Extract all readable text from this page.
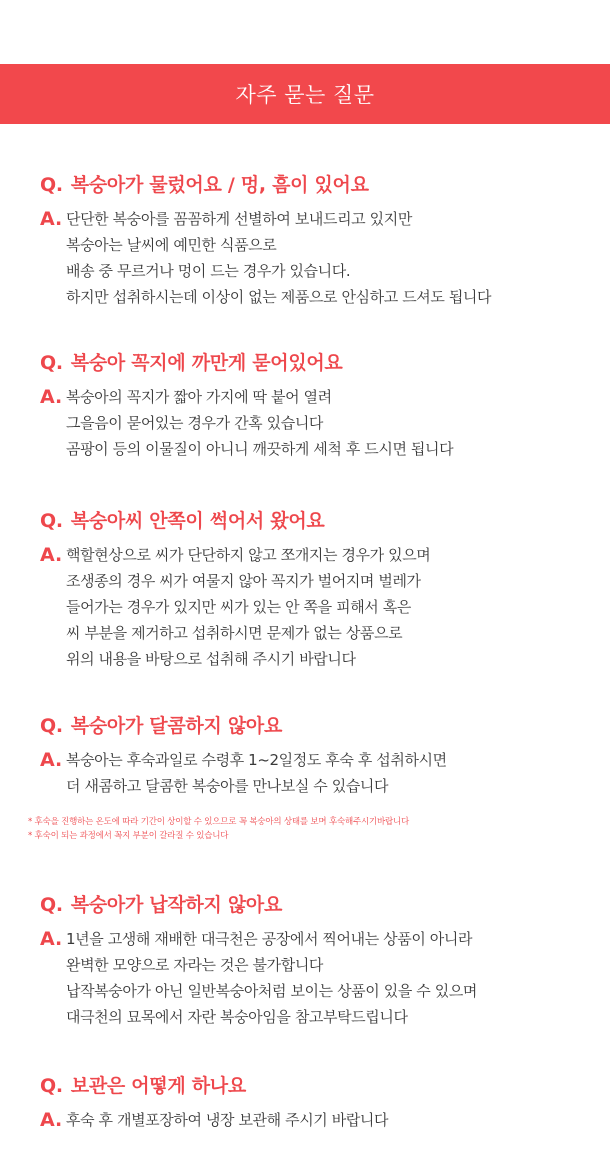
자주 묻는 질문
Q. 복숭아가 물렀어요 / 멍, 흠이 있어요
A. 단단한 복숭아를 꼼꼼하게 선별하여 보내드리고 있지만
복숭아는 날씨에 예민한 식품으로
배송 중 무르거나 멍이 드는 경우가 있습니다.
하지만 섭취하시는데 이상이 없는 제품으로 안심하고 드셔도 됩니다
Q. 복숭아 꼭지에 까만게 묻어있어요
A. 복숭아의 꼭지가 짧아 가지에 딱 붙어 열려
그을음이 묻어있는 경우가 간혹 있습니다
곰팡이 등의 이물질이 아니니 깨끗하게 세척 후 드시면 됩니다
Q. 복숭아씨 안쪽이 썩어서 왔어요
A. 핵할현상으로 씨가 단단하지 않고 쪼개지는 경우가 있으며
조생종의 경우 씨가 여물지 않아 꼭지가 벌어지며 벌레가
들어가는 경우가 있지만 씨가 있는 안 쪽을 피해서 혹은
씨 부분을 제거하고 섭취하시면 문제가 없는 상품으로
위의 내용을 바탕으로 섭취해 주시기 바랍니다
Q. 복숭아가 달콤하지 않아요
A. 복숭아는 후숙과일로 수령후 1~2일정도 후숙 후 섭취하시면
더 새콤하고 달콤한 복숭아를 만나보실 수 있습니다
* 후숙을 진행하는 온도에 따라 기간이 상이할 수 있으므로 꼭 복숭아의 상태를 보며 후숙해주시기바랍니다
* 후숙이 되는 과정에서 꼭지 부분이 갈라질 수 있습니다
Q. 복숭아가 납작하지 않아요
A. 1년을 고생해 재배한 대극천은 공장에서 찍어내는 상품이 아니라
완벽한 모양으로 자라는 것은 불가합니다
납작복숭아가 아닌 일반복숭아처럼 보이는 상품이 있을 수 있으며
대극천의 묘목에서 자란 복숭아임을 참고부탁드립니다
Q. 보관은 어떻게 하나요
A. 후숙 후 개별포장하여 냉장 보관해 주시기 바랍니다
